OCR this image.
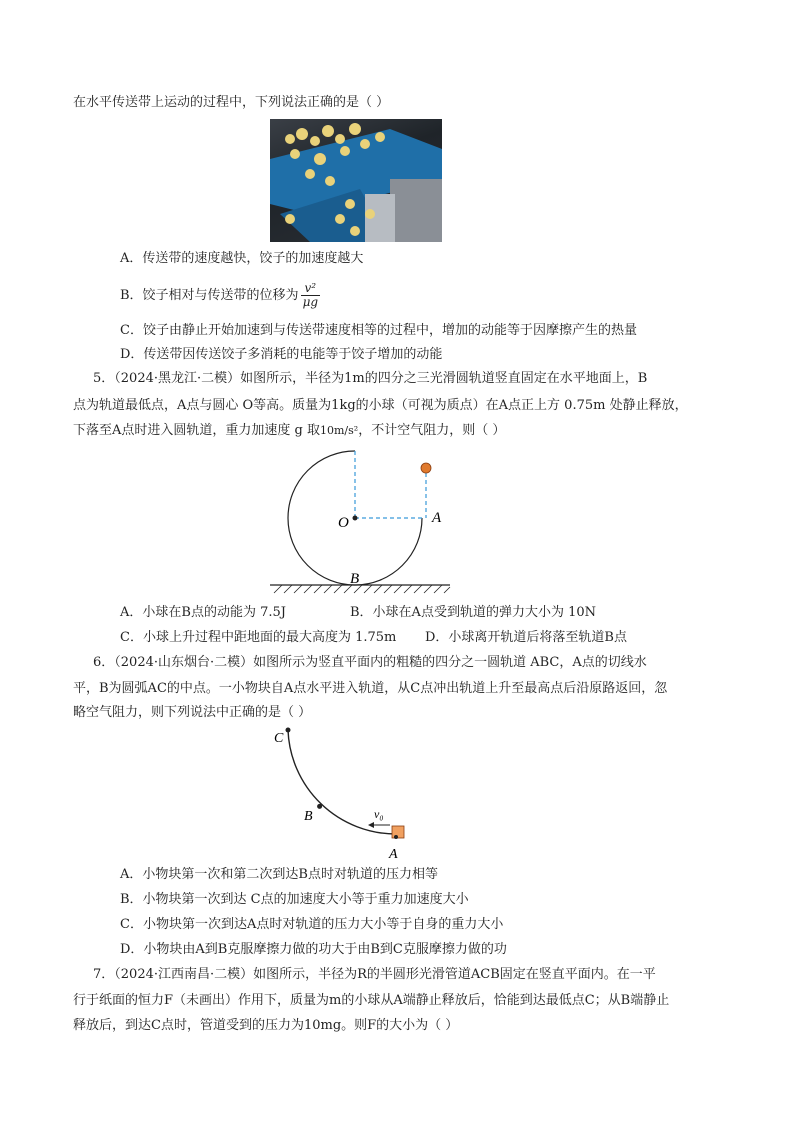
在水平传送带上运动的过程中，下列说法正确的是（ ）
A．传送带的速度越快，饺子的加速度越大
B．饺子相对与传送带的位移为 $\frac{\text{v²}}{\mu g}$
C．饺子由静止开始加速到与传送带速度相等的过程中，增加的动能等于因摩擦产生的热量
D．传送带因传送饺子多消耗的电能等于饺子增加的动能
5．（2024·黑龙江·二模）如图所示，半径为1m的四分之三光滑圆轨道竖直固定在水平地面上，B
点为轨道最低点，A点与圆心 O等高。质量为1kg的小球（可视为质点）在A点正上方 0.75m 处静止释放，
下落至A点时进入圆轨道，重力加速度 g 取10m/s²，不计空气阻力，则（ ）
O	A
B
A．小球在B点的动能为 7.5J	B．小球在A点受到轨道的弹力大小为 10N
C．小球上升过程中距地面的最大高度为 1.75m D．小球离开轨道后将落至轨道B点
6．（2024·山东烟台·二模）如图所示为竖直平面内的粗糙的四分之一圆轨道 ABC，A点的切线水
平，B为圆弧AC的中点。一小物块自A点水平进入轨道，从C点冲出轨道上升至最高点后沿原路返回，忽
略空气阻力，则下列说法中正确的是（ ）
C
B
A
v₀
A．小物块第一次和第二次到达B点时对轨道的压力相等
B．小物块第一次到达 C点的加速度大小等于重力加速度大小
C．小物块第一次到达A点时对轨道的压力大小等于自身的重力大小
D．小物块由A到B克服摩擦力做的功大于由B到C克服摩擦力做的功
7．（2024·江西南昌·二模）如图所示，半径为R的半圆形光滑管道ACB固定在竖直平面内。在一平
行于纸面的恒力F（未画出）作用下，质量为m的小球从A端静止释放后，恰能到达最低点C；从B端静止
释放后，到达C点时，管道受到的压力为10mg。则F的大小为（ ）
